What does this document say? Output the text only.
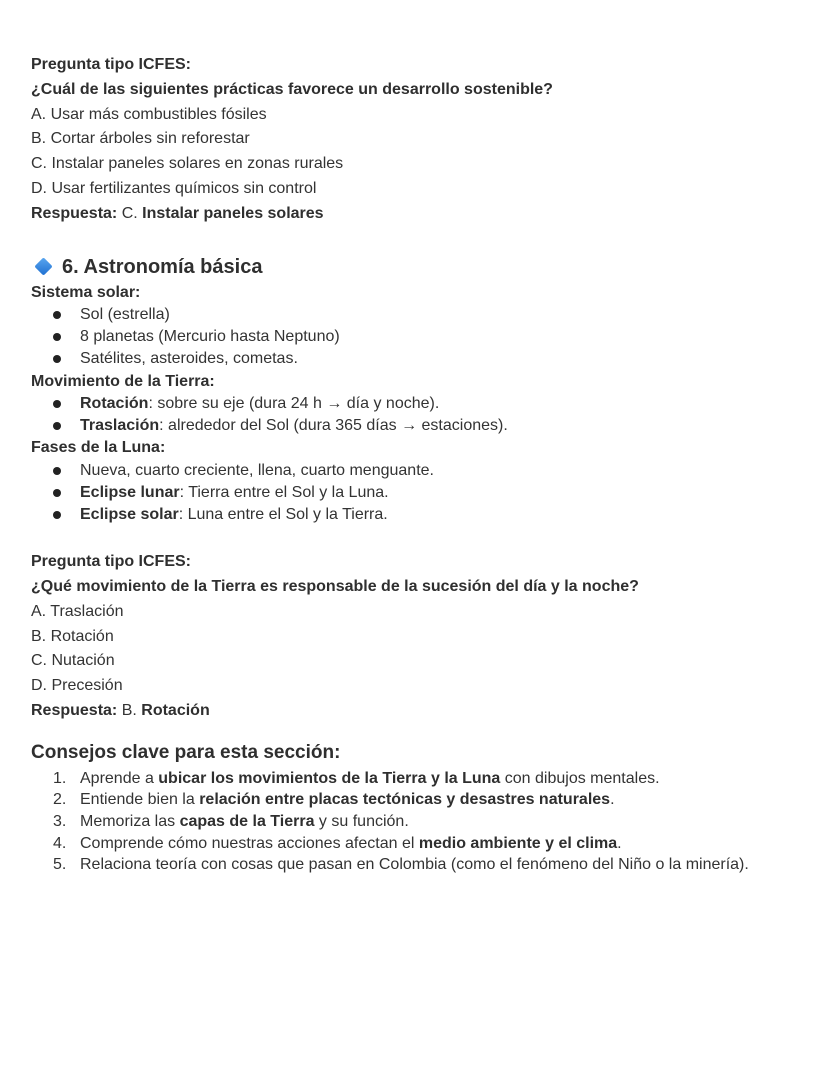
Pregunta tipo ICFES:
¿Cuál de las siguientes prácticas favorece un desarrollo sostenible?
A. Usar más combustibles fósiles
B. Cortar árboles sin reforestar
C. Instalar paneles solares en zonas rurales
D. Usar fertilizantes químicos sin control
Respuesta: C. Instalar paneles solares
6. Astronomía básica
Sistema solar:
Sol (estrella)
8 planetas (Mercurio hasta Neptuno)
Satélites, asteroides, cometas.
Movimiento de la Tierra:
Rotación: sobre su eje (dura 24 h → día y noche).
Traslación: alrededor del Sol (dura 365 días → estaciones).
Fases de la Luna:
Nueva, cuarto creciente, llena, cuarto menguante.
Eclipse lunar: Tierra entre el Sol y la Luna.
Eclipse solar: Luna entre el Sol y la Tierra.
Pregunta tipo ICFES:
¿Qué movimiento de la Tierra es responsable de la sucesión del día y la noche?
A. Traslación
B. Rotación
C. Nutación
D. Precesión
Respuesta: B. Rotación
Consejos clave para esta sección:
1. Aprende a ubicar los movimientos de la Tierra y la Luna con dibujos mentales.
2. Entiende bien la relación entre placas tectónicas y desastres naturales.
3. Memoriza las capas de la Tierra y su función.
4. Comprende cómo nuestras acciones afectan el medio ambiente y el clima.
5. Relaciona teoría con cosas que pasan en Colombia (como el fenómeno del Niño o la minería).
